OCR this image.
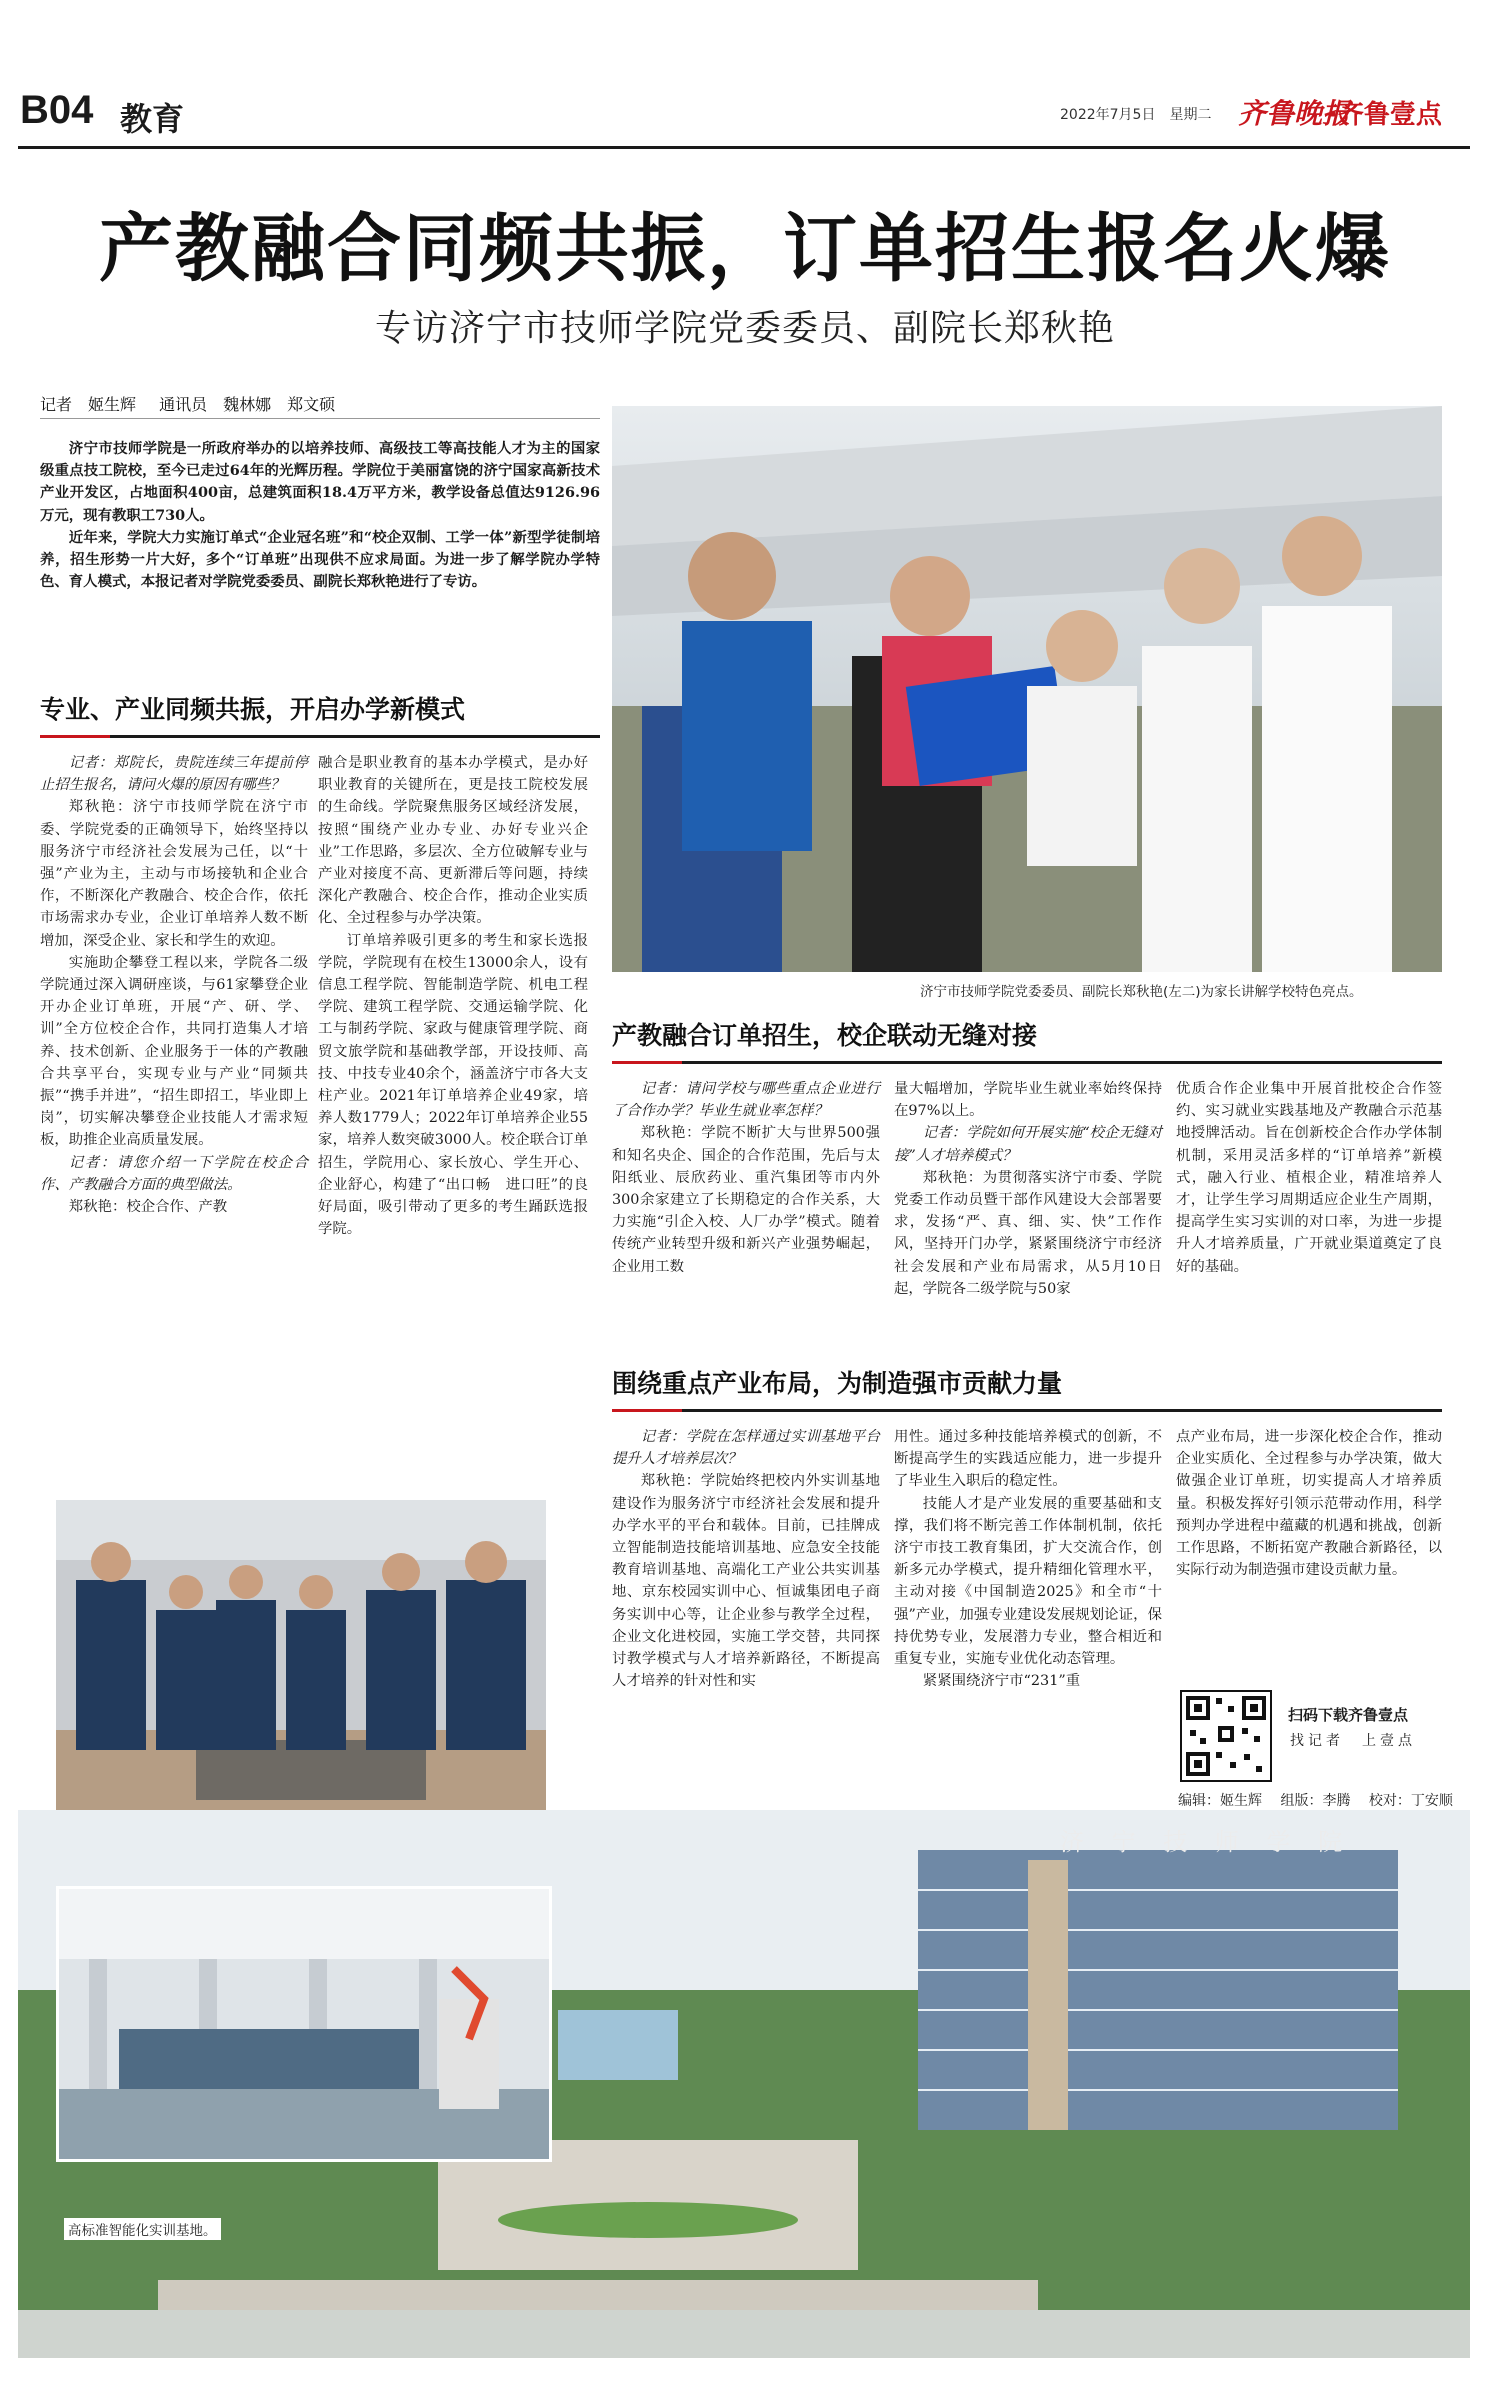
B04 教育	2022年7月5日　星期二 齐鲁晚报
·齐鲁壹点
产教融合同频共振，订单招生报名火爆
专访济宁市技师学院党委委员、副院长郑秋艳
记者　姬生辉 通讯员　魏林娜　郑文硕

济宁市技师学院是一所政府举办的以培养技师、高级技工等高技能人才为主的国家级重点技工院校，至今已走过64年的光辉历程。学院位于美丽富饶的济宁国家高新技术产业开发区，占地面积400亩，总建筑面积18.4万平方米，教学设备总值达9126.96万元，现有教职工730人。

近年来，学院大力实施订单式“企业冠名班”和“校企双制、工学一体”新型学徒制培养，招生形势一片大好，多个“订单班”出现供不应求局面。为进一步了解学院办学特色、育人模式，本报记者对学院党委委员、副院长郑秋艳进行了专访。

济宁市技师学院党委委员、副院长郑秋艳(左二)为家长讲解学校特色亮点。
专业、产业同频共振，开启办学新模式

记者：郑院长，贵院连续三年提前停止招生报名，请问火爆的原因有哪些？

郑秋艳：济宁市技师学院在济宁市委、学院党委的正确领导下，始终坚持以服务济宁市经济社会发展为己任，以“十强”产业为主，主动与市场接轨和企业合作，不断深化产教融合、校企合作，依托市场需求办专业，企业订单培养人数不断增加，深受企业、家长和学生的欢迎。

实施助企攀登工程以来，学院各二级学院通过深入调研座谈，与61家攀登企业开办企业订单班，开展“产、研、学、训”全方位校企合作，共同打造集人才培养、技术创新、企业服务于一体的产教融合共享平台，实现专业与产业“同频共振”“携手并进”，“招生即招工，毕业即上岗”，切实解决攀登企业技能人才需求短板，助推企业高质量发展。

记者：请您介绍一下学院在校企合作、产教融合方面的典型做法。

郑秋艳：校企合作、产教

融合是职业教育的基本办学模式，是办好职业教育的关键所在，更是技工院校发展的生命线。学院聚焦服务区域经济发展，按照“围绕产业办专业、办好专业兴企业”工作思路，多层次、全方位破解专业与产业对接度不高、更新滞后等问题，持续深化产教融合、校企合作，推动企业实质化、全过程参与办学决策。

订单培养吸引更多的考生和家长选报学院，学院现有在校生13000余人，设有信息工程学院、智能制造学院、机电工程学院、建筑工程学院、交通运输学院、化工与制药学院、家政与健康管理学院、商贸文旅学院和基础教学部，开设技师、高技、中技专业40余个，涵盖济宁市各大支柱产业。2021年订单培养企业49家，培养人数1779人；2022年订单培养企业55家，培养人数突破3000人。校企联合订单招生，学院用心、家长放心、学生开心、企业舒心，构建了“出口畅　进口旺”的良好局面，吸引带动了更多的考生踊跃选报学院。

产教融合订单招生，校企联动无缝对接

记者：请问学校与哪些重点企业进行了合作办学？毕业生就业率怎样？

郑秋艳：学院不断扩大与世界500强和知名央企、国企的合作范围，先后与太阳纸业、辰欣药业、重汽集团等市内外300余家建立了长期稳定的合作关系，大力实施“引企入校、人厂办学”模式。随着传统产业转型升级和新兴产业强势崛起，企业用工数

量大幅增加，学院毕业生就业率始终保持在97%以上。

记者：学院如何开展实施“校企无缝对接”人才培养模式？

郑秋艳：为贯彻落实济宁市委、学院党委工作动员暨干部作风建设大会部署要求，发扬“严、真、细、实、快”工作作风，坚持开门办学，紧紧围绕济宁市经济社会发展和产业布局需求，从5月10日起，学院各二级学院与50家

优质合作企业集中开展首批校企合作签约、实习就业实践基地及产教融合示范基地授牌活动。旨在创新校企合作办学体制机制，采用灵活多样的“订单培养”新模式，融入行业、植根企业，精准培养人才，让学生学习周期适应企业生产周期，提高学生实习实训的对口率，为进一步提升人才培养质量，广开就业渠道奠定了良好的基础。

围绕重点产业布局，为制造强市贡献力量

记者：学院在怎样通过实训基地平台提升人才培养层次？

郑秋艳：学院始终把校内外实训基地建设作为服务济宁市经济社会发展和提升办学水平的平台和载体。目前，已挂牌成立智能制造技能培训基地、应急安全技能教育培训基地、高端化工产业公共实训基地、京东校园实训中心、恒诚集团电子商务实训中心等，让企业参与教学全过程，企业文化进校园，实施工学交替，共同探讨教学模式与人才培养新路径，不断提高人才培养的针对性和实

用性。通过多种技能培养模式的创新，不断提高学生的实践适应能力，进一步提升了毕业生入职后的稳定性。

技能人才是产业发展的重要基础和支撑，我们将不断完善工作体制机制，依托济宁市技工教育集团，扩大交流合作，创新多元办学模式，提升精细化管理水平，主动对接《中国制造2025》和全市“十强”产业，加强专业建设发展规划论证，保持优势专业，发展潜力专业，整合相近和重复专业，实施专业优化动态管理。

紧紧围绕济宁市“231”重

点产业布局，进一步深化校企合作，推动企业实质化、全过程参与办学决策，做大做强企业订单班，切实提高人才培养质量。积极发挥好引领示范带动作用，科学预判办学进程中蕴藏的机遇和挑战，创新工作思路，不断拓宽产教融合新路径，以实际行动为制造强市建设贡献力量。

扫码下载齐鲁壹点
找记者　上壹点
编辑：姬生辉 组版：李腾 校对：丁安顺
济 宁 技 师 学 院
高标准智能化实训基地。
